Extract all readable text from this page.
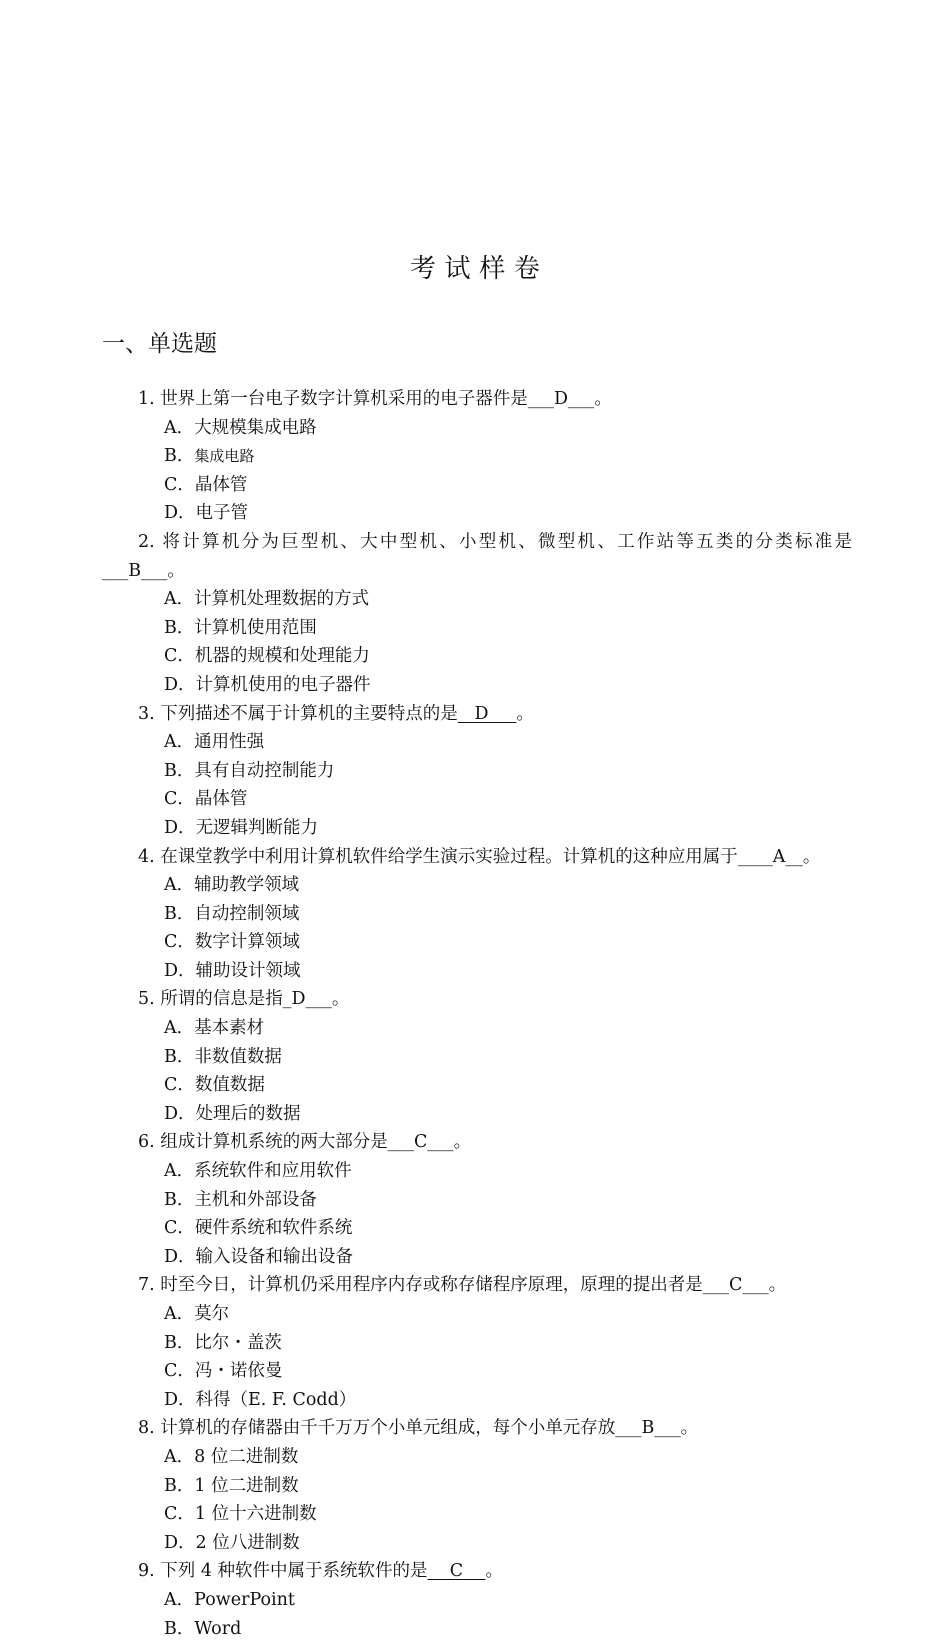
考 试 样 卷
一、单选题
1. 世界上第一台电子数字计算机采用的电子器件是___D___。
A．大规模集成电路
B．集成电路
C．晶体管
D．电子管
2. 将计算机分为巨型机、大中型机、小型机、微型机、工作站等五类的分类标准是___B___。
A．计算机处理数据的方式
B．计算机使用范围
C．机器的规模和处理能力
D．计算机使用的电子器件
3. 下列描述不属于计算机的主要特点的是   D     。
A．通用性强
B．具有自动控制能力
C．晶体管
D．无逻辑判断能力
4. 在课堂教学中利用计算机软件给学生演示实验过程。计算机的这种应用属于____A__。
A．辅助教学领域
B．自动控制领域
C．数字计算领域
D．辅助设计领域
5. 所谓的信息是指_D___。
A．基本素材
B．非数值数据
C．数值数据
D．处理后的数据
6. 组成计算机系统的两大部分是___C___。
A．系统软件和应用软件
B．主机和外部设备
C．硬件系统和软件系统
D．输入设备和输出设备
7. 时至今日，计算机仍采用程序内存或称存储程序原理，原理的提出者是___C___。
A．莫尔
B．比尔・盖茨
C．冯・诺依曼
D．科得（E. F. Codd）
8. 计算机的存储器由千千万万个小单元组成，每个小单元存放___B___。
A．8 位二进制数
B．1 位二进制数
C．1 位十六进制数
D．2 位八进制数
9. 下列 4 种软件中属于系统软件的是    C    。
A．PowerPoint
B．Word
